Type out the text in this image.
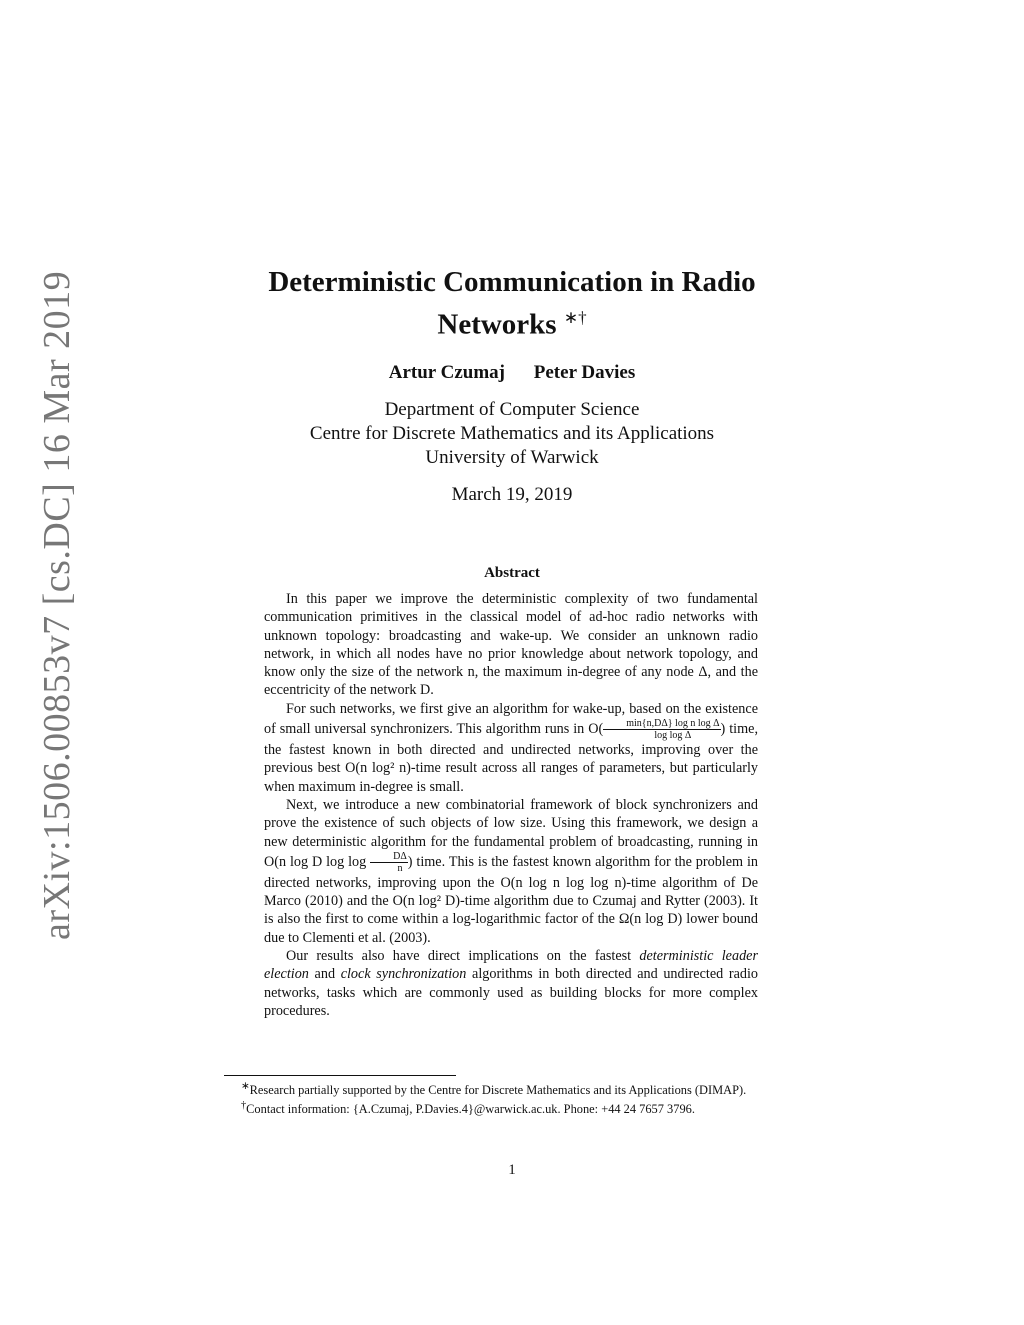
arXiv:1506.00853v7 [cs.DC] 16 Mar 2019	Deterministic Communication in Radio
Networks ∗†
Artur Czumaj Peter Davies
Department of Computer Science
Centre for Discrete Mathematics and its Applications
University of Warwick
March 19, 2019
Abstract

In this paper we improve the deterministic complexity of two fundamental communication primitives in the classical model of ad-hoc radio networks with unknown topology: broadcasting and wake-up. We consider an unknown radio network, in which all nodes have no prior knowledge about network topology, and know only the size of the network n, the maximum in-degree of any node Δ, and the eccentricity of the network D.

For such networks, we first give an algorithm for wake-up, based on the existence of small universal synchronizers. This algorithm runs in $O( \frac{\text{min\{n,DΔ\} log n log Δ}}{\text{log log Δ}}$ ) time, the fastest known in both directed and undirected networks, improving over the previous best O(n log² n)-time result across all ranges of parameters, but particularly when maximum in-degree is small.

Next, we introduce a new combinatorial framework of block synchronizers and prove the existence of such objects of low size. Using this framework, we design a new deterministic algorithm for the fundamental problem of broadcasting, running in O(n log D $\log \log \frac{D\Delta}{n}$ ) time. This is the fastest known algorithm for the problem in directed networks, improving upon the O(n log n log log n)-time algorithm of De Marco (2010) and the O(n log² D)-time algorithm due to Czumaj and Rytter (2003). It is also the first to come within a log-logarithmic factor of the Ω(n log D) lower bound due to Clementi et al. (2003).

Our results also have direct implications on the fastest deterministic leader election and clock synchronization algorithms in both directed and undirected radio networks, tasks which are commonly used as building blocks for more complex procedures.

∗Research partially supported by the Centre for Discrete Mathematics and its Applications (DIMAP).

†Contact information: {A.Czumaj, P.Davies.4}@warwick.ac.uk. Phone: +44 24 7657 3796.

1
